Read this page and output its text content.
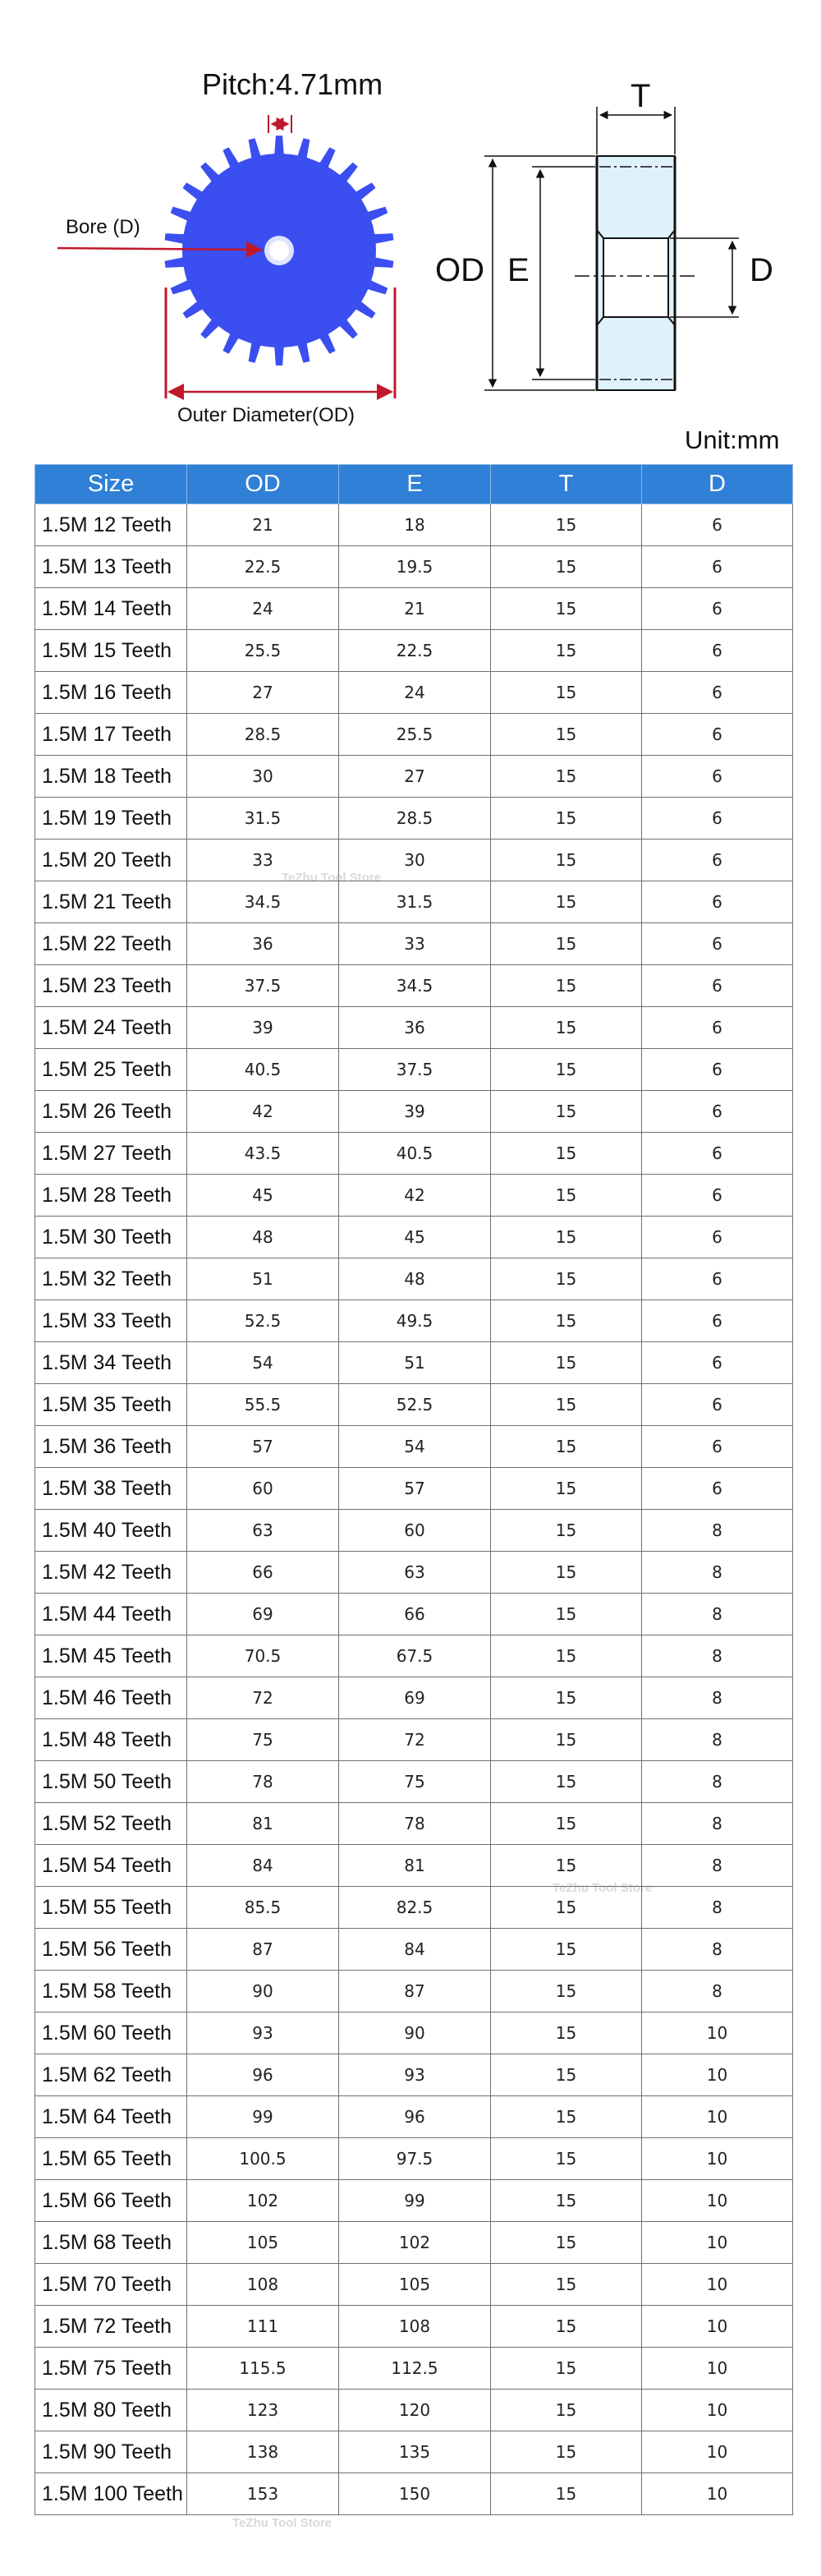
Pitch:4.71mm
Bore (D)
Outer Diameter(OD)
T
OD E	D
Unit:mm
Size	OD	E	T	D
1.5M 12 Teeth	21	18	15	6
1.5M 13 Teeth	22.5	19.5	15	6
1.5M 14 Teeth	24	21	15	6
1.5M 15 Teeth	25.5	22.5	15	6
1.5M 16 Teeth	27	24	15	6
1.5M 17 Teeth	28.5	25.5	15	6
1.5M 18 Teeth	30	27	15	6
1.5M 19 Teeth	31.5	28.5	15	6
1.5M 20 Teeth	33	30	15	6
1.5M 21 Teeth	34.5	31.5	15	6
1.5M 22 Teeth	36	33	15	6
1.5M 23 Teeth	37.5	34.5	15	6
1.5M 24 Teeth	39	36	15	6
1.5M 25 Teeth	40.5	37.5	15	6
1.5M 26 Teeth	42	39	15	6
1.5M 27 Teeth	43.5	40.5	15	6
1.5M 28 Teeth	45	42	15	6
1.5M 30 Teeth	48	45	15	6
1.5M 32 Teeth	51	48	15	6
1.5M 33 Teeth	52.5	49.5	15	6
1.5M 34 Teeth	54	51	15	6
1.5M 35 Teeth	55.5	52.5	15	6
1.5M 36 Teeth	57	54	15	6
1.5M 38 Teeth	60	57	15	6
1.5M 40 Teeth	63	60	15	8
1.5M 42 Teeth	66	63	15	8
1.5M 44 Teeth	69	66	15	8
1.5M 45 Teeth	70.5	67.5	15	8
1.5M 46 Teeth	72	69	15	8
1.5M 48 Teeth	75	72	15	8
1.5M 50 Teeth	78	75	15	8
1.5M 52 Teeth	81	78	15	8
1.5M 54 Teeth	84	81	15	8
1.5M 55 Teeth	85.5	82.5	15	8
1.5M 56 Teeth	87	84	15	8
1.5M 58 Teeth	90	87	15	8
1.5M 60 Teeth	93	90	15	10
1.5M 62 Teeth	96	93	15	10
1.5M 64 Teeth	99	96	15	10
1.5M 65 Teeth	100.5	97.5	15	10
1.5M 66 Teeth	102	99	15	10
1.5M 68 Teeth	105	102	15	10
1.5M 70 Teeth	108	105	15	10
1.5M 72 Teeth	111	108	15	10
1.5M 75 Teeth	115.5	112.5	15	10
1.5M 80 Teeth	123	120	15	10
1.5M 90 Teeth	138	135	15	10
1.5M 100 Teeth	153	150	15	10
TeZhu Tool Store
TeZhu Tool Store
TeZhu Tool Store
